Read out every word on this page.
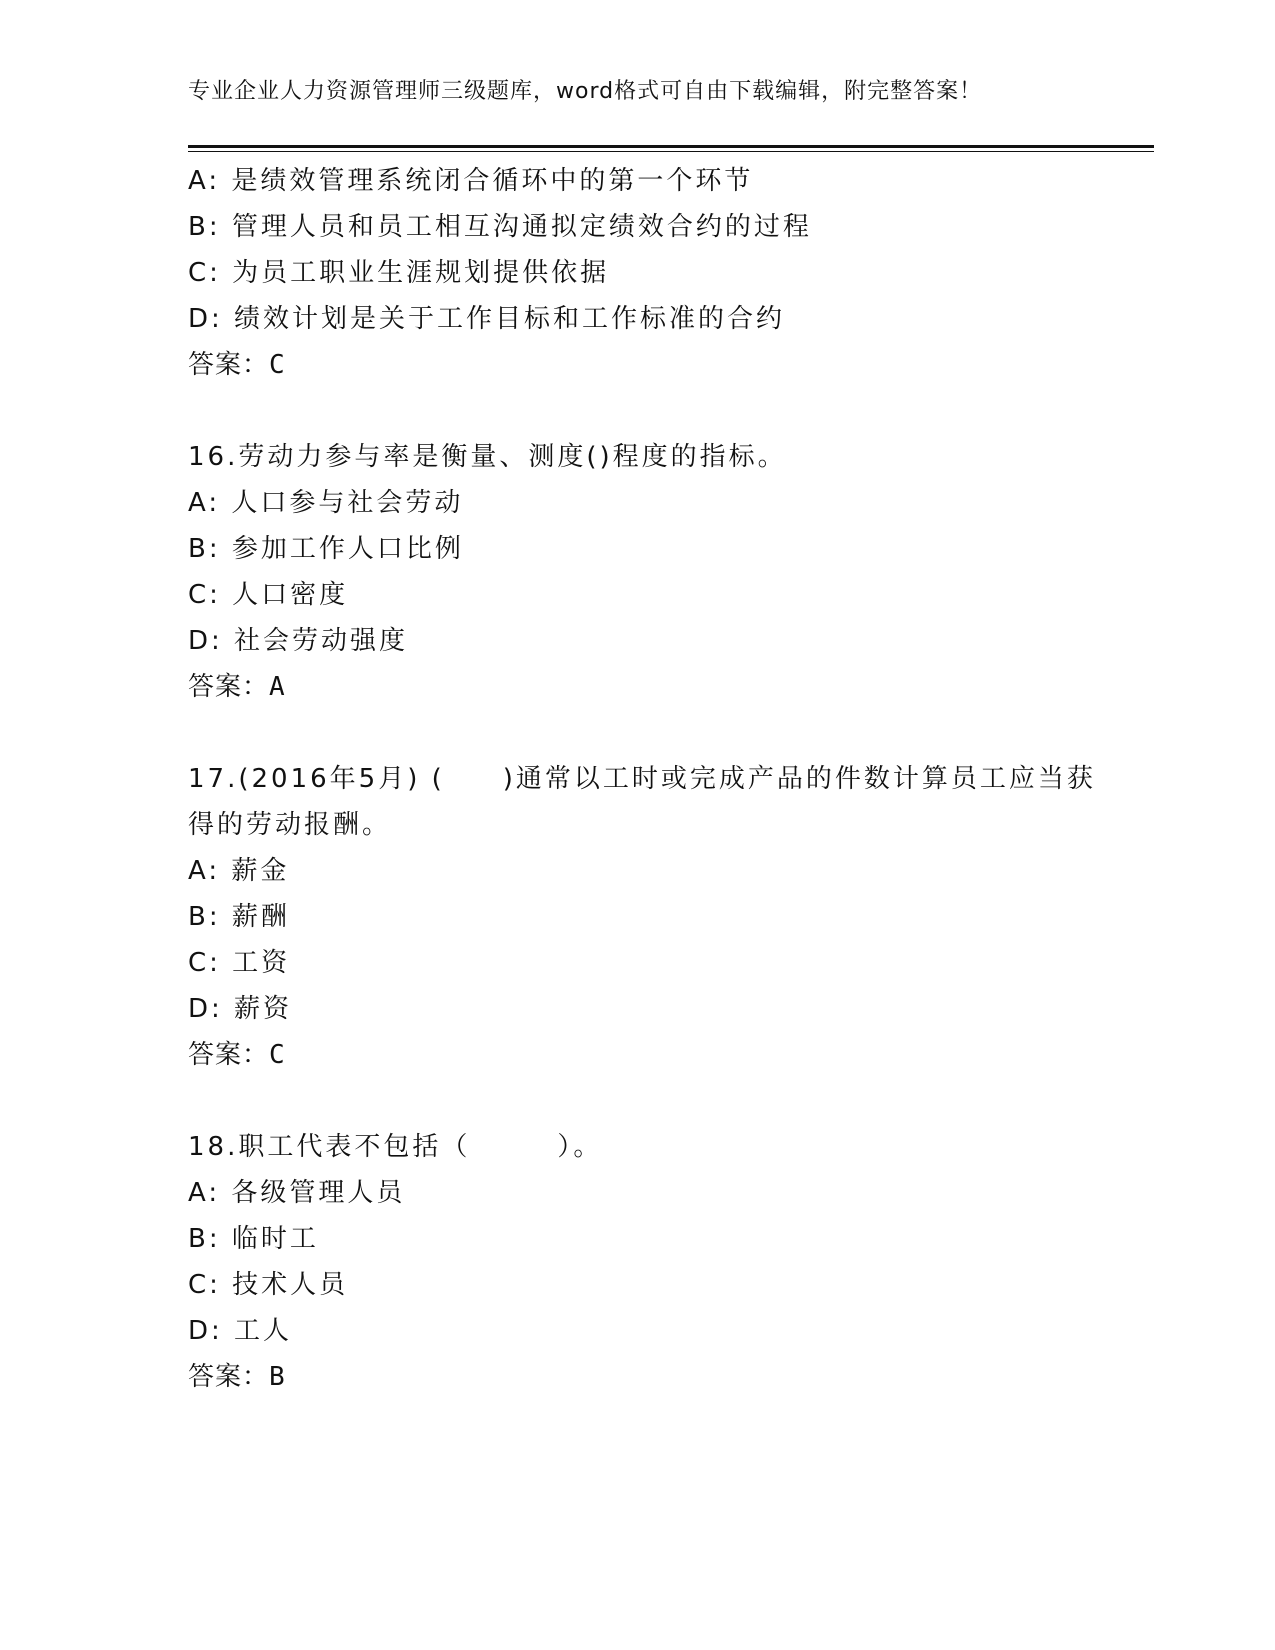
专业企业人力资源管理师三级题库，word格式可自由下载编辑，附完整答案！
A: 是绩效管理系统闭合循环中的第一个环节
B: 管理人员和员工相互沟通拟定绩效合约的过程
C: 为员工职业生涯规划提供依据
D: 绩效计划是关于工作目标和工作标准的合约
答案：C
16.劳动力参与率是衡量、测度()程度的指标。
A: 人口参与社会劳动
B: 参加工作人口比例
C: 人口密度
D: 社会劳动强度
答案：A
17.(2016年5月) (　　)通常以工时或完成产品的件数计算员工应当获得的劳动报酬。
A: 薪金
B: 薪酬
C: 工资
D: 薪资
答案：C
18.职工代表不包括（　　　）。
A: 各级管理人员
B: 临时工
C: 技术人员
D: 工人
答案：B
